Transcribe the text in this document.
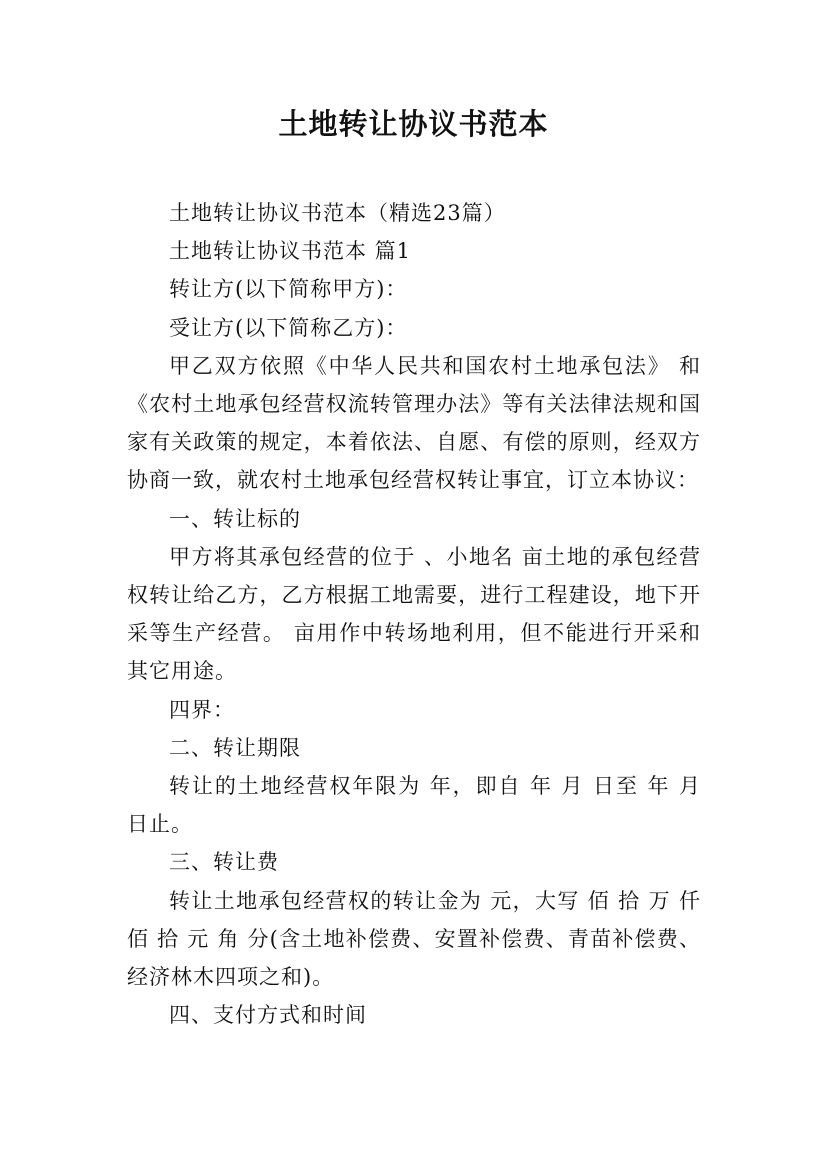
土地转让协议书范本

土地转让协议书范本（精选23篇）

土地转让协议书范本 篇1

转让方(以下简称甲方)：

受让方(以下简称乙方)：

甲乙双方依照《中华人民共和国农村土地承包法》 和《农村土地承包经营权流转管理办法》等有关法律法规和国家有关政策的规定，本着依法、自愿、有偿的原则，经双方协商一致，就农村土地承包经营权转让事宜，订立本协议：

一、转让标的

甲方将其承包经营的位于 、小地名 亩土地的承包经营权转让给乙方，乙方根据工地需要，进行工程建设，地下开采等生产经营。 亩用作中转场地利用，但不能进行开采和其它用途。

四界：

二、转让期限

转让的土地经营权年限为 年，即自 年 月 日至 年 月 日止。

三、转让费

转让土地承包经营权的转让金为 元，大写 佰 拾 万 仟 佰 拾 元 角 分(含土地补偿费、安置补偿费、青苗补偿费、经济林木四项之和)。

四、支付方式和时间
